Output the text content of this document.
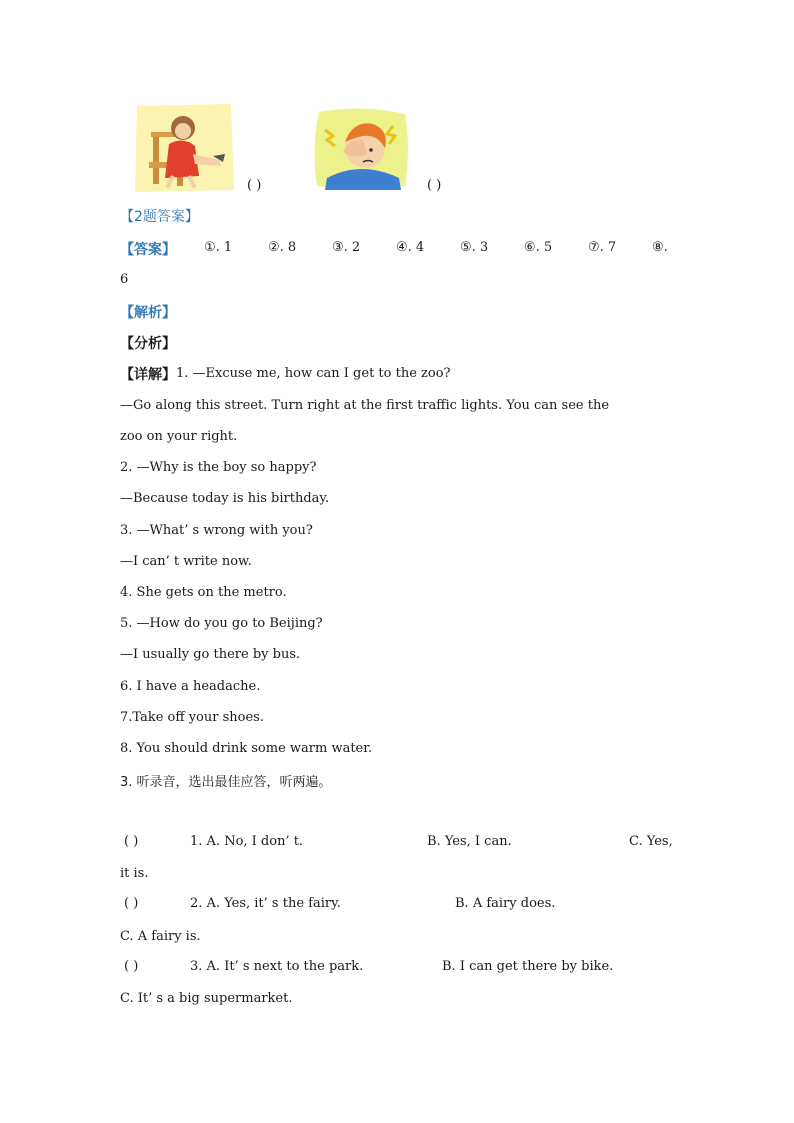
( )	( )
【2题答案】
【答案】 ①. 1	②. 8	③. 2	④. 4	⑤. 3	⑥. 5	⑦. 7	⑧.
6
【解析】
【分析】
【详解】 1. —Excuse me, how can I get to the zoo?
—Go along this street. Turn right at the first traffic lights. You can see the
zoo on your right.
2. —Why is the boy so happy?
—Because today is his birthday.
3. —What’ s wrong with you?
—I can’ t write now.
4. She gets on the metro.
5. —How do you go to Beijing?
—I usually go there by bus.
6. I have a headache.
7.Take off your shoes.
8. You should drink some warm water.
3. 听录音，选出最佳应答，听两遍。
( )	1. A. No, I don’ t.	B. Yes, I can.	C. Yes,
it is.
( )	2. A. Yes, it’ s the fairy.	B. A fairy does.
C. A fairy is.
( )	3. A. It’ s next to the park.	B. I can get there by bike.
C. It’ s a big supermarket.
